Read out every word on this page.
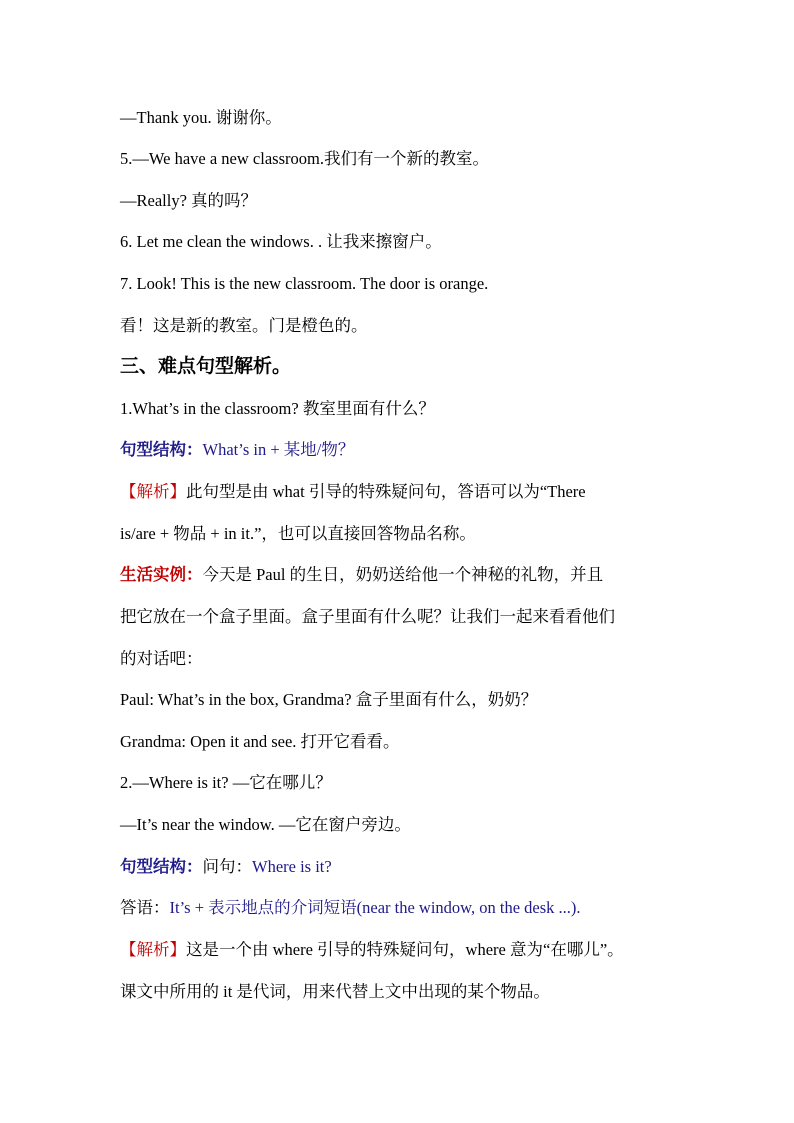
—Thank you. 谢谢你。
5.—We have a new classroom.我们有一个新的教室。
—Really? 真的吗？
6. Let me clean the windows. . 让我来擦窗户。
7. Look! This is the new classroom. The door is orange.
看！这是新的教室。门是橙色的。
三、难点句型解析。
1.What’s in the classroom? 教室里面有什么？
句型结构：What’s in + 某地/物？
【解析】此句型是由 what 引导的特殊疑问句，答语可以为“There
is/are + 物品 + in it.”，也可以直接回答物品名称。
生活实例：今天是 Paul 的生日，奶奶送给他一个神秘的礼物，并且
把它放在一个盒子里面。盒子里面有什么呢？让我们一起来看看他们
的对话吧：
Paul: What’s in the box, Grandma? 盒子里面有什么，奶奶？
Grandma: Open it and see. 打开它看看。
2.—Where is it? —它在哪儿？
—It’s near the window. —它在窗户旁边。
句型结构：问句：Where is it?
答语：It’s + 表示地点的介词短语(near the window, on the desk ...).
【解析】这是一个由 where 引导的特殊疑问句，where 意为“在哪儿”。
课文中所用的 it 是代词，用来代替上文中出现的某个物品。
